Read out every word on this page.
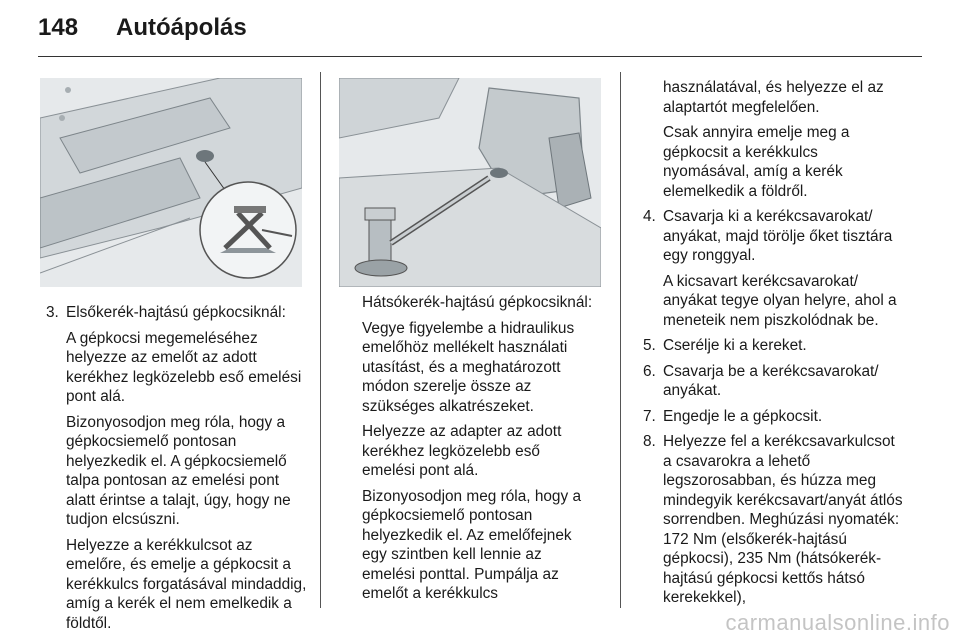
148	Autóápolás
3. Elsőkerék-hajtású gépkocsiknál:

A gépkocsi megemeléséhez helyezze az emelőt az adott kerékhez legközelebb eső emelési pont alá.

Bizonyosodjon meg róla, hogy a gépkocsiemelő pontosan helyezkedik el. A gépkocsiemelő talpa pontosan az emelési pont alatt érintse a talajt, úgy, hogy ne tudjon elcsúszni.

Helyezze a kerékkulcsot az emelőre, és emelje a gépkocsit a kerékkulcs forgatásával mindaddig, amíg a kerék el nem emelkedik a földtől.

Hátsókerék-hajtású gépkocsiknál:

Vegye figyelembe a hidraulikus emelőhöz mellékelt használati utasítást, és a meghatározott módon szerelje össze az szükséges alkatrészeket.

Helyezze az adapter az adott kerékhez legközelebb eső emelési pont alá.

Bizonyosodjon meg róla, hogy a gépkocsiemelő pontosan helyezkedik el. Az emelőfejnek egy szintben kell lennie az emelési ponttal. Pumpálja az emelőt a kerékkulcs

használatával, és helyezze el az alaptartót megfelelően.

Csak annyira emelje meg a gépkocsit a kerékkulcs nyomásával, amíg a kerék elemelkedik a földről.

4. Csavarja ki a kerékcsavarokat/ anyákat, majd törölje őket tisztára egy ronggyal.

A kicsavart kerékcsavarokat/ anyákat tegye olyan helyre, ahol a meneteik nem piszkolódnak be.

5. Cserélje ki a kereket.
6. Csavarja be a kerékcsavarokat/ anyákat.
7. Engedje le a gépkocsit.
8. Helyezze fel a kerékcsavarkulcsot a csavarokra a lehető legszorosabban, és húzza meg mindegyik kerékcsavart/anyát átlós sorrendben. Meghúzási nyomaték: 172 Nm (elsőkerék-hajtású gépkocsi), 235 Nm (hátsókerék-hajtású gépkocsi kettős hátsó kerekekkel),
carmanualsonline.info
